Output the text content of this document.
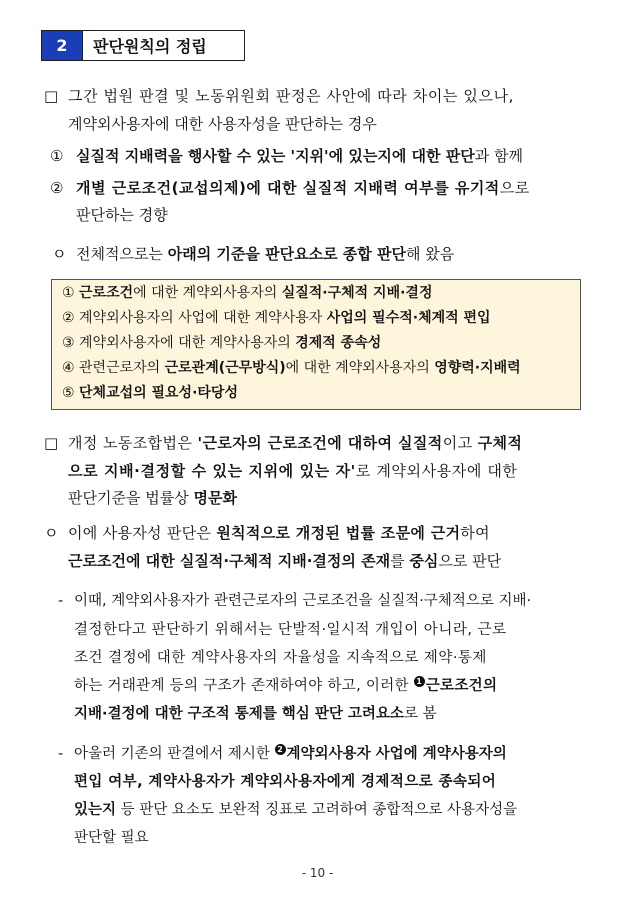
2	판단원칙의 정립
□ 그간 법원 판결 및 노동위원회 판정은 사안에 따라 차이는 있으나,
계약외사용자에 대한 사용자성을 판단하는 경우
① 실질적 지배력을 행사할 수 있는 '지위'에 있는지에 대한 판단과 함께
② 개별 근로조건(교섭의제)에 대한 실질적 지배력 여부를 유기적으로
판단하는 경향
ㅇ 전체적으로는 아래의 기준을 판단요소로 종합 판단해 왔음
① 근로조건에 대한 계약외사용자의 실질적·구체적 지배·결정
② 계약외사용자의 사업에 대한 계약사용자 사업의 필수적·체계적 편입
③ 계약외사용자에 대한 계약사용자의 경제적 종속성
④ 관련근로자의 근로관계(근무방식)에 대한 계약외사용자의 영향력·지배력
⑤ 단체교섭의 필요성·타당성
□ 개정 노동조합법은 '근로자의 근로조건에 대하여 실질적이고 구체적
으로 지배·결정할 수 있는 지위에 있는 자'로 계약외사용자에 대한
판단기준을 법률상 명문화
ㅇ 이에 사용자성 판단은 원칙적으로 개정된 법률 조문에 근거하여
근로조건에 대한 실질적·구체적 지배·결정의 존재를 중심으로 판단
- 이때, 계약외사용자가 관련근로자의 근로조건을 실질적·구체적으로 지배·
결정한다고 판단하기 위해서는 단발적·일시적 개입이 아니라, 근로
조건 결정에 대한 계약사용자의 자율성을 지속적으로 제약·통제
하는 거래관계 등의 구조가 존재하여야 하고, 이러한 1 근로조건의
지배·결정에 대한 구조적 통제를 핵심 판단 고려요소로 봄
- 아울러 기존의 판결에서 제시한 2 계약외사용자 사업에 계약사용자의
편입 여부, 계약사용자가 계약외사용자에게 경제적으로 종속되어
있는지 등 판단 요소도 보완적 징표로 고려하여 종합적으로 사용자성을
판단할 필요
- 10 -
